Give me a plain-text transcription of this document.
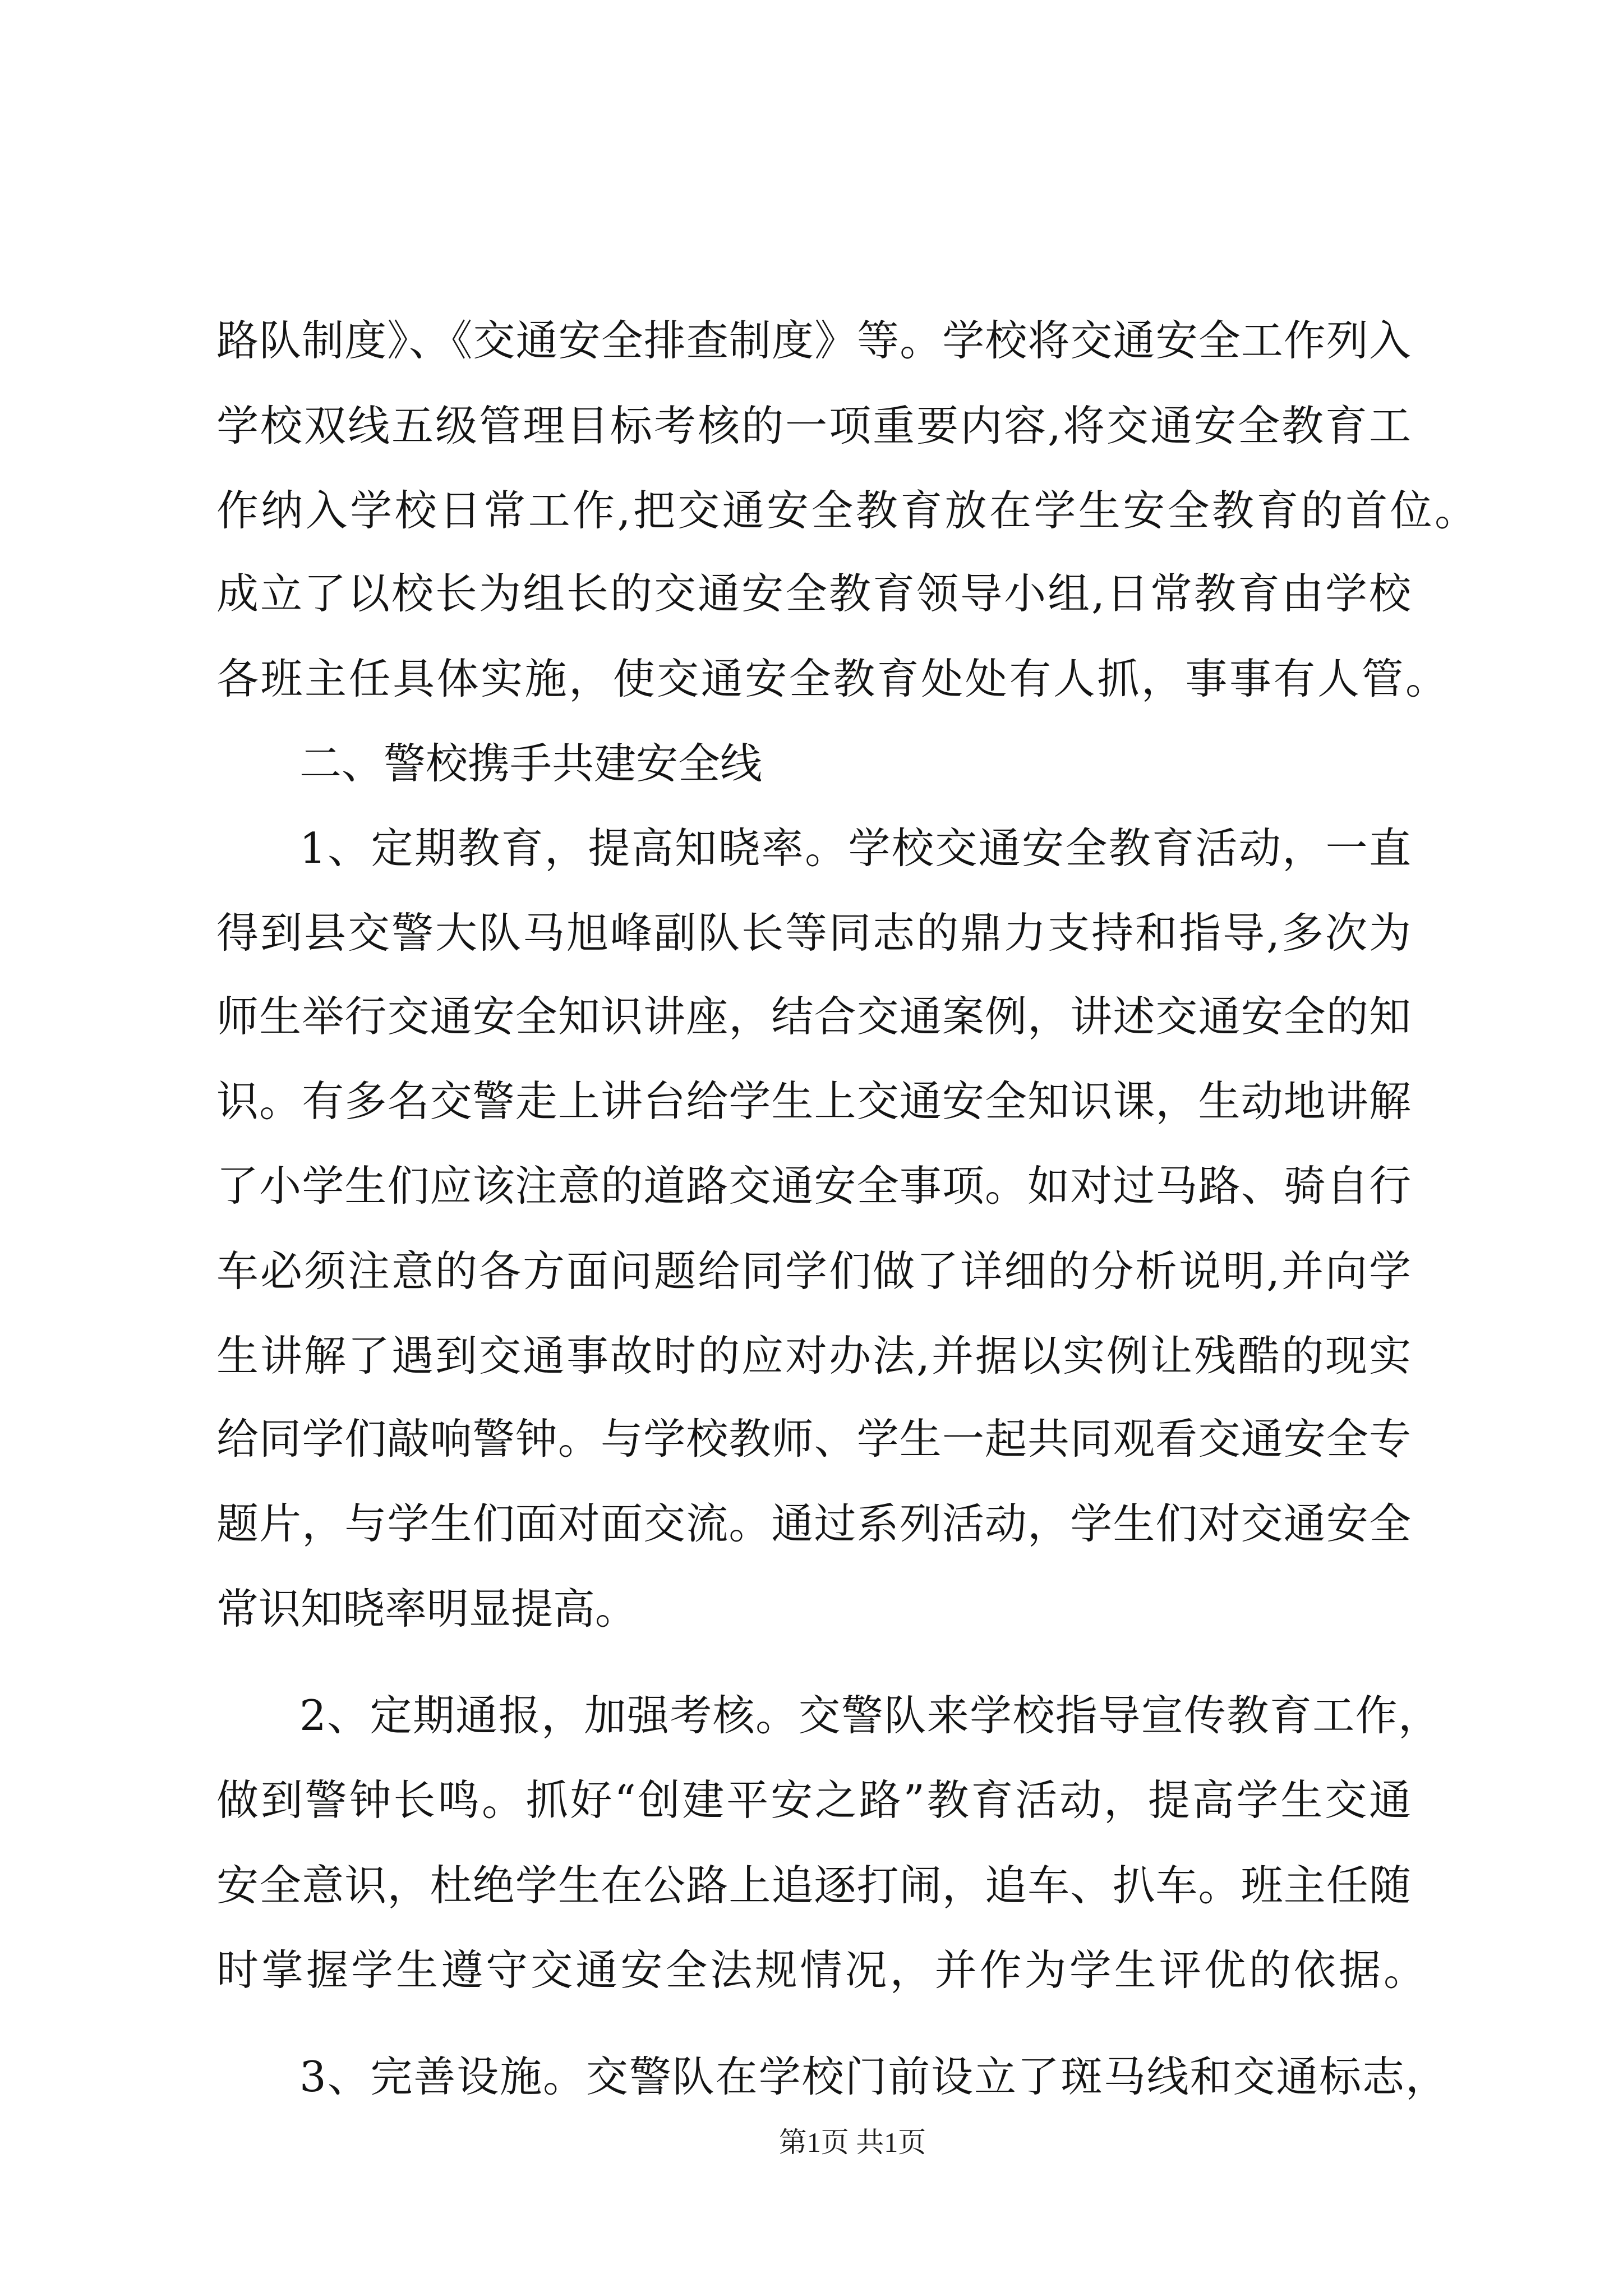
路队制度》、《交通安全排查制度》等。学校将交通安全工作列入
学校双线五级管理目标考核的一项重要内容,将交通安全教育工
作纳入学校日常工作,把交通安全教育放在学生安全教育的首位。
成立了以校长为组长的交通安全教育领导小组,日常教育由学校
各班主任具体实施，使交通安全教育处处有人抓，事事有人管。
二、警校携手共建安全线
1、定期教育，提高知晓率。学校交通安全教育活动，一直
得到县交警大队马旭峰副队长等同志的鼎力支持和指导,多次为
师生举行交通安全知识讲座，结合交通案例，讲述交通安全的知
识。有多名交警走上讲台给学生上交通安全知识课，生动地讲解
了小学生们应该注意的道路交通安全事项。如对过马路、骑自行
车必须注意的各方面问题给同学们做了详细的分析说明,并向学
生讲解了遇到交通事故时的应对办法,并据以实例让残酷的现实
给同学们敲响警钟。与学校教师、学生一起共同观看交通安全专
题片，与学生们面对面交流。通过系列活动，学生们对交通安全
常识知晓率明显提高。
2、定期通报，加强考核。交警队来学校指导宣传教育工作，
做到警钟长鸣。抓好“创建平安之路”教育活动，提高学生交通
安全意识，杜绝学生在公路上追逐打闹，追车、扒车。班主任随
时掌握学生遵守交通安全法规情况，并作为学生评优的依据。
3、完善设施。交警队在学校门前设立了斑马线和交通标志，
第1页 共1页
